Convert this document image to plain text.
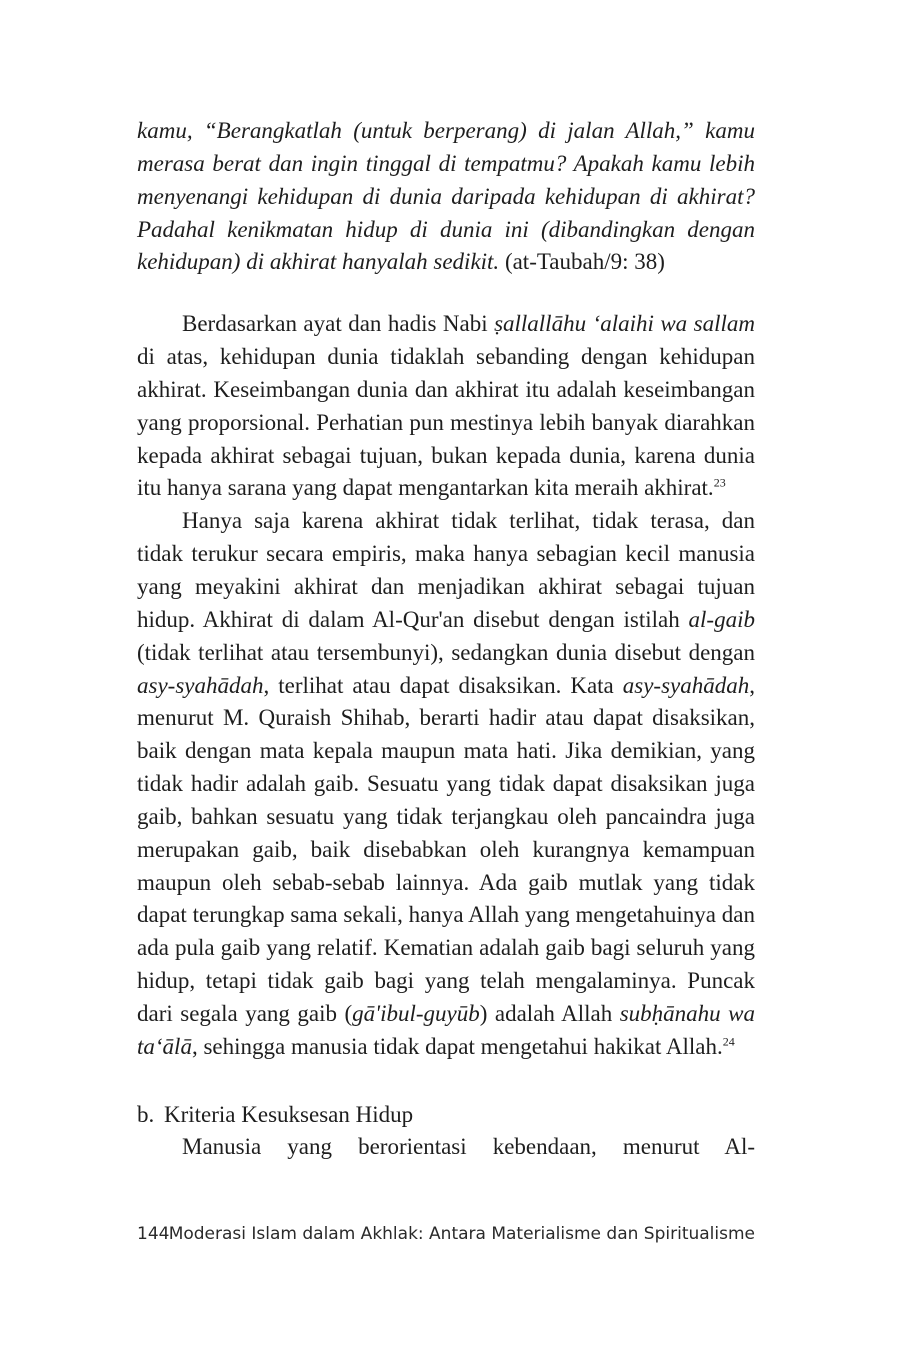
kamu, “Berangkatlah (untuk berperang) di jalan Allah,” kamu merasa berat dan ingin tinggal di tempatmu? Apakah kamu lebih menyenangi kehidupan di dunia daripada kehidupan di akhirat? Padahal kenikmatan hidup di dunia ini (dibandingkan dengan kehidupan) di akhirat hanyalah sedikit. (at-Taubah/9: 38)

Berdasarkan ayat dan hadis Nabi ṣallallāhu ‘alaihi wa sallam di atas, kehidupan dunia tidaklah sebanding dengan kehidupan akhirat. Keseimbangan dunia dan akhirat itu adalah keseimbangan yang proporsional. Perhatian pun mestinya lebih banyak diarahkan kepada akhirat sebagai tujuan, bukan kepada dunia, karena dunia itu hanya sarana yang dapat mengantarkan kita meraih akhirat.$^{23}$

Hanya saja karena akhirat tidak terlihat, tidak terasa, dan tidak terukur secara empiris, maka hanya sebagian kecil manusia yang meyakini akhirat dan menjadikan akhirat sebagai tujuan hidup. Akhirat di dalam Al-Qur'an disebut dengan istilah al-gaib (tidak terlihat atau tersembunyi), sedangkan dunia disebut dengan asy-syahādah, terlihat atau dapat disaksikan. Kata asy-syahādah, menurut M. Quraish Shihab, berarti hadir atau dapat disaksikan, baik dengan mata kepala maupun mata hati. Jika demikian, yang tidak hadir adalah gaib. Sesuatu yang tidak dapat disaksikan juga gaib, bahkan sesuatu yang tidak terjangkau oleh pancaindra juga merupakan gaib, baik disebabkan oleh kurangnya kemampuan maupun oleh sebab-sebab lainnya. Ada gaib mutlak yang tidak dapat terungkap sama sekali, hanya Allah yang mengetahuinya dan ada pula gaib yang relatif. Kematian adalah gaib bagi seluruh yang hidup, tetapi tidak gaib bagi yang telah mengalaminya. Puncak dari segala yang gaib (gā'ibul-guyūb) adalah Allah subḥānahu wa ta‘ālā, sehingga manusia tidak dapat mengetahui hakikat Allah.$^{24}$

b. Kriteria Kesuksesan Hidup

Manusia yang berorientasi kebendaan, menurut Al-

144 Moderasi Islam dalam Akhlak: Antara Materialisme dan Spiritualisme
